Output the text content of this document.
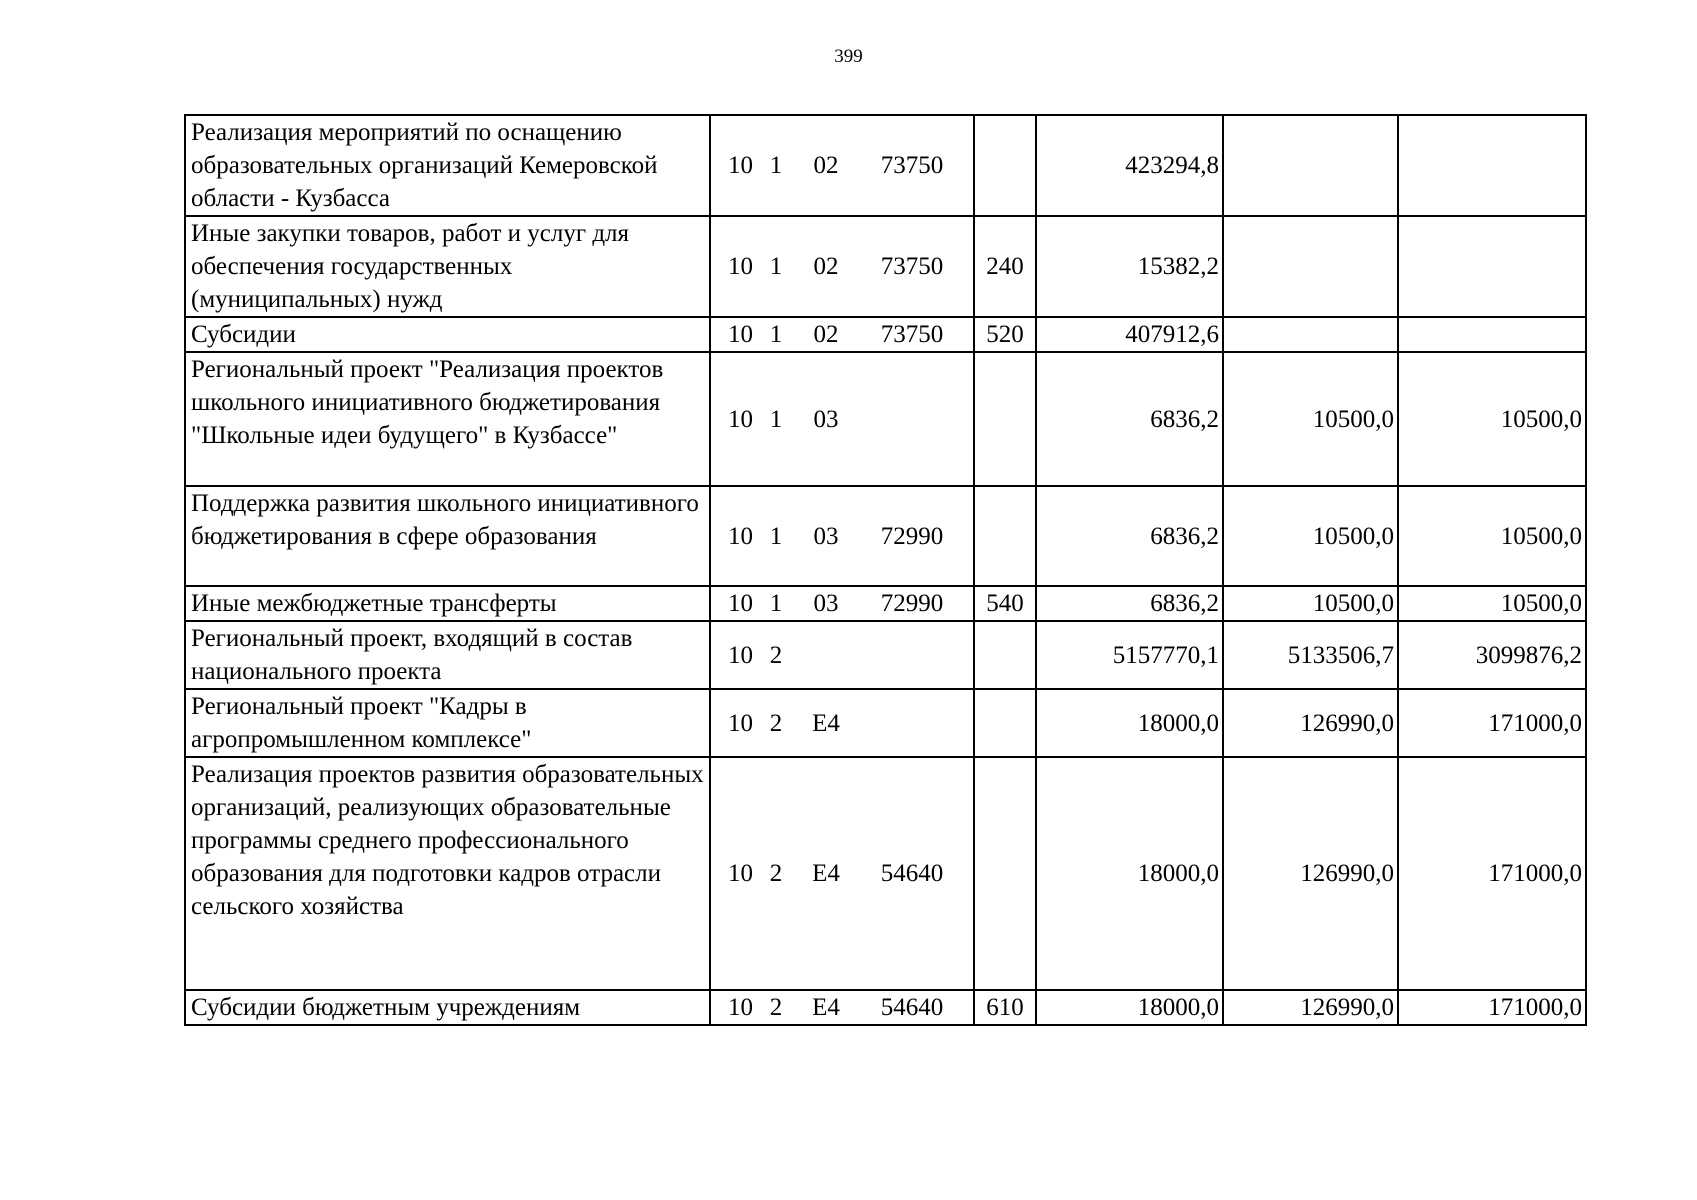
399
Реализация мероприятий по оснащению образовательных организаций Кемеровской области - Кузбасса	10 1 02 73750		423294,8		
Иные закупки товаров, работ и услуг для обеспечения государственных (муниципальных) нужд	10 1 02 73750	240	15382,2		
Субсидии	10 1 02 73750	520	407912,6		
Региональный проект "Реализация проектов школьного инициативного бюджетирования "Школьные идеи будущего" в Кузбассе"	10 1 03		6836,2	10500,0	10500,0
Поддержка развития школьного инициативного бюджетирования в сфере образования	10 1 03 72990		6836,2	10500,0	10500,0
Иные межбюджетные трансферты	10 1 03 72990	540	6836,2	10500,0	10500,0
Региональный проект, входящий в состав национального проекта	10 2		5157770,1	5133506,7	3099876,2
Региональный проект "Кадры в агропромышленном комплексе"	10 2 Е4		18000,0	126990,0	171000,0
Реализация проектов развития образовательных организаций, реализующих образовательные программы среднего профессионального образования для подготовки кадров отрасли сельского хозяйства	10 2 Е4 54640		18000,0	126990,0	171000,0
Субсидии бюджетным учреждениям	10 2 Е4 54640	610	18000,0	126990,0	171000,0
